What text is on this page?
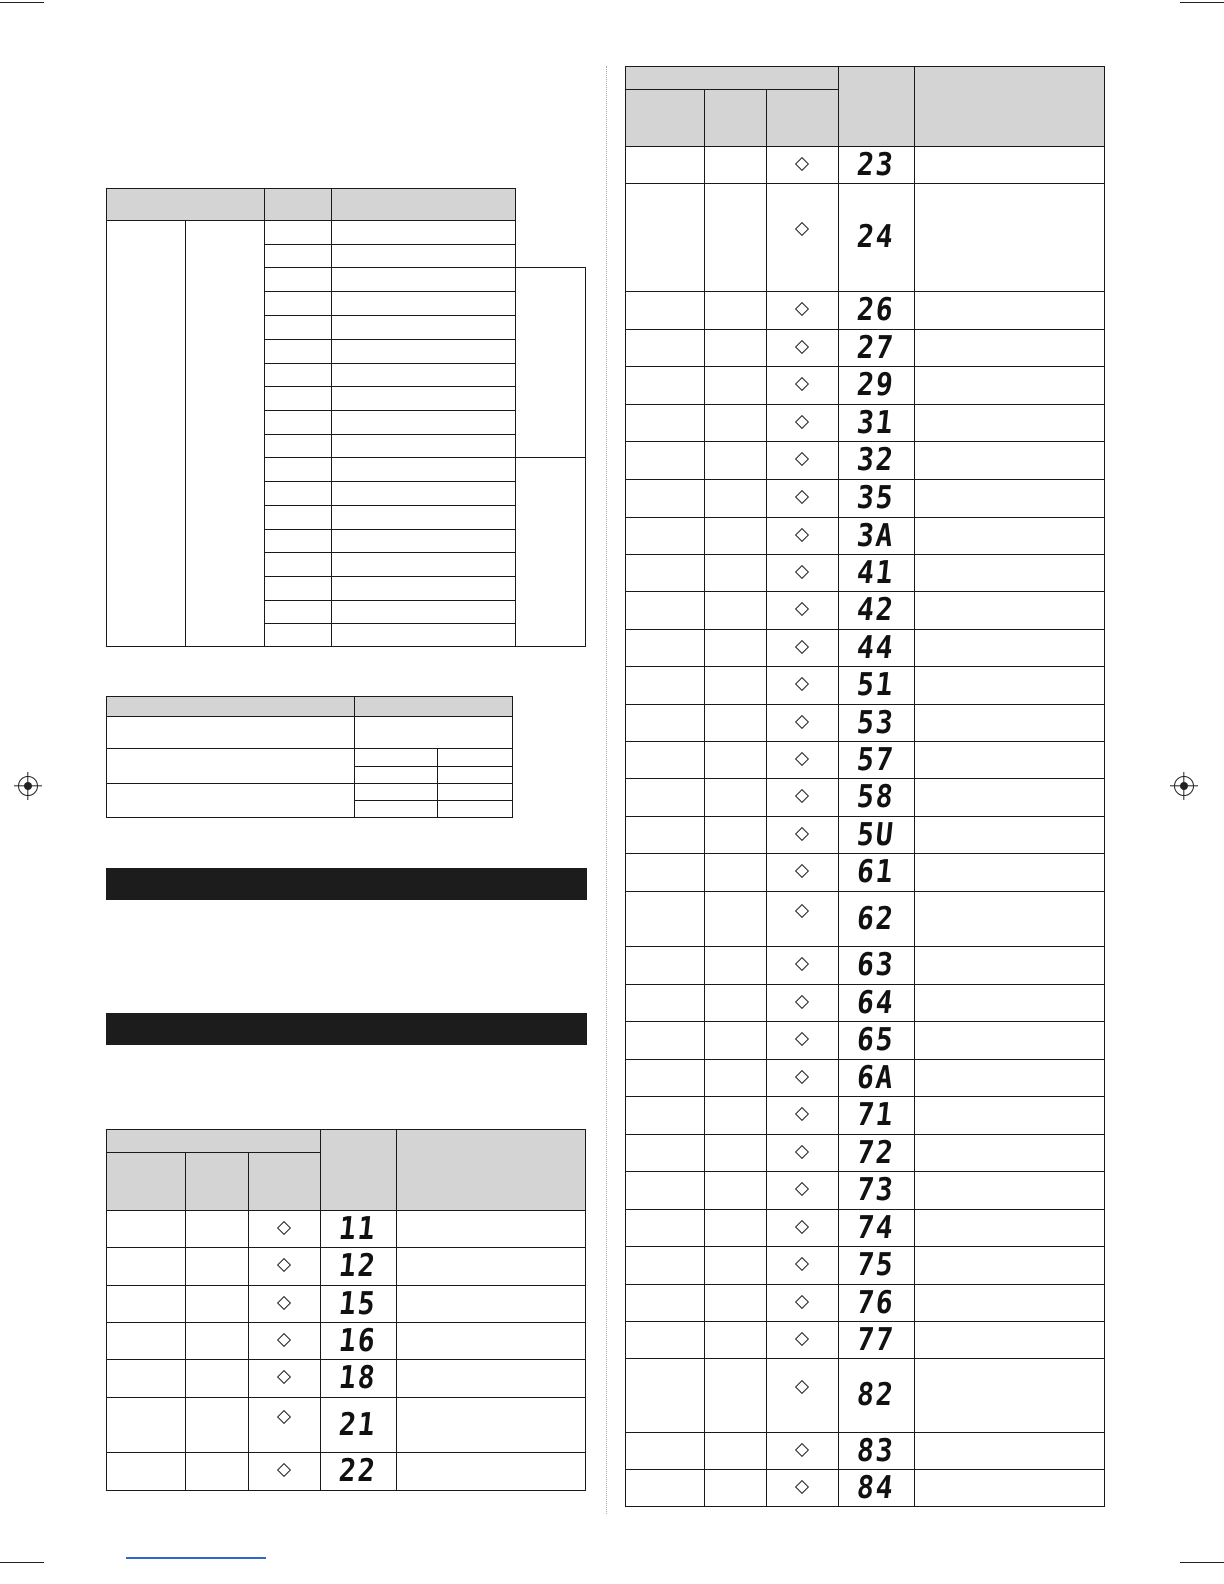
11
12
15
16
18
21
22
23
24
26
27
29
31
32
35
3A
41
42
44
51
53
57
58
5U
61
62
63
64
65
6A
71
72
73
74
75
76
77
82
83
84
